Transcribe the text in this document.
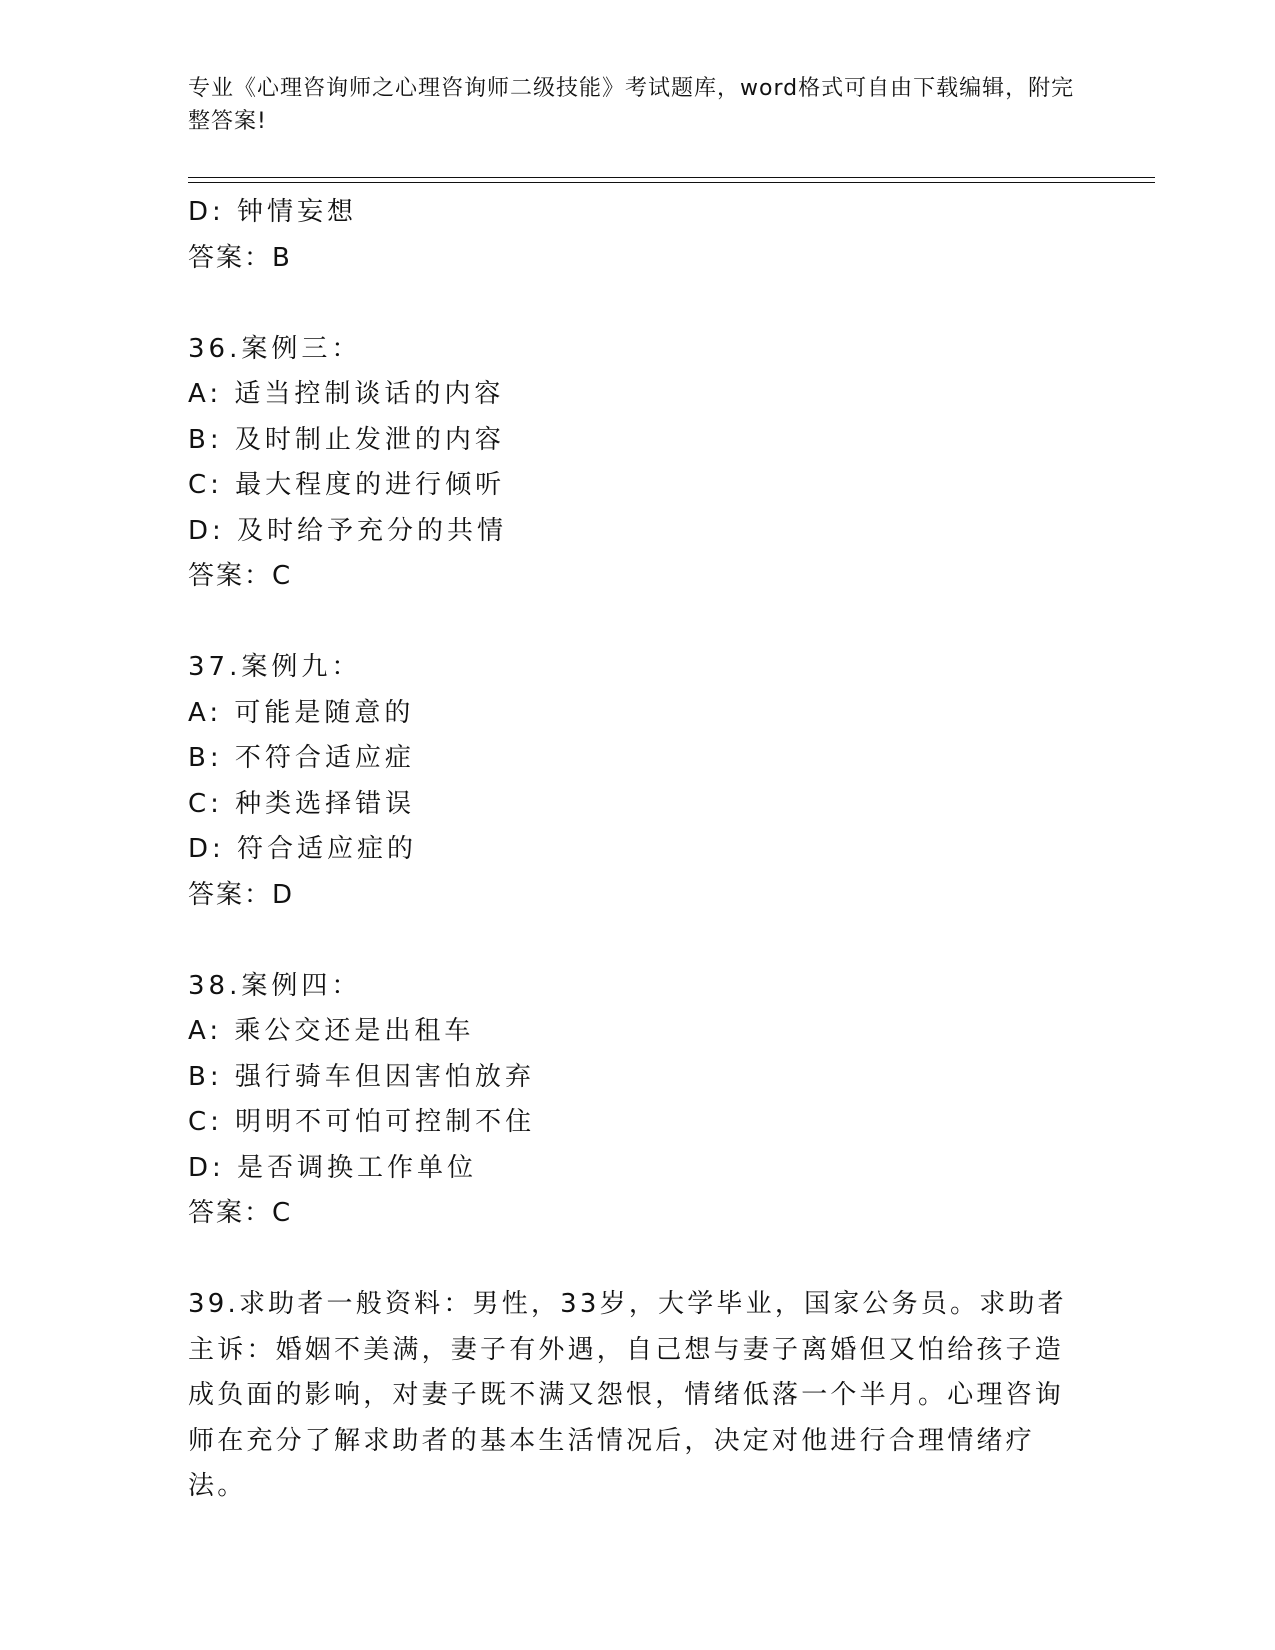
专业《心理咨询师之心理咨询师二级技能》考试题库，word格式可自由下载编辑，附完整答案!
D: 钟情妄想
答案：B
36.案例三：
A: 适当控制谈话的内容
B: 及时制止发泄的内容
C: 最大程度的进行倾听
D: 及时给予充分的共情
答案：C
37.案例九：
A: 可能是随意的
B: 不符合适应症
C: 种类选择错误
D: 符合适应症的
答案：D
38.案例四：
A: 乘公交还是出租车
B: 强行骑车但因害怕放弃
C: 明明不可怕可控制不住
D: 是否调换工作单位
答案：C
39.求助者一般资料：男性，33岁，大学毕业，国家公务员。求助者主诉：婚姻不美满，妻子有外遇，自己想与妻子离婚但又怕给孩子造成负面的影响，对妻子既不满又怨恨，情绪低落一个半月。心理咨询师在充分了解求助者的基本生活情况后，决定对他进行合理情绪疗法。
